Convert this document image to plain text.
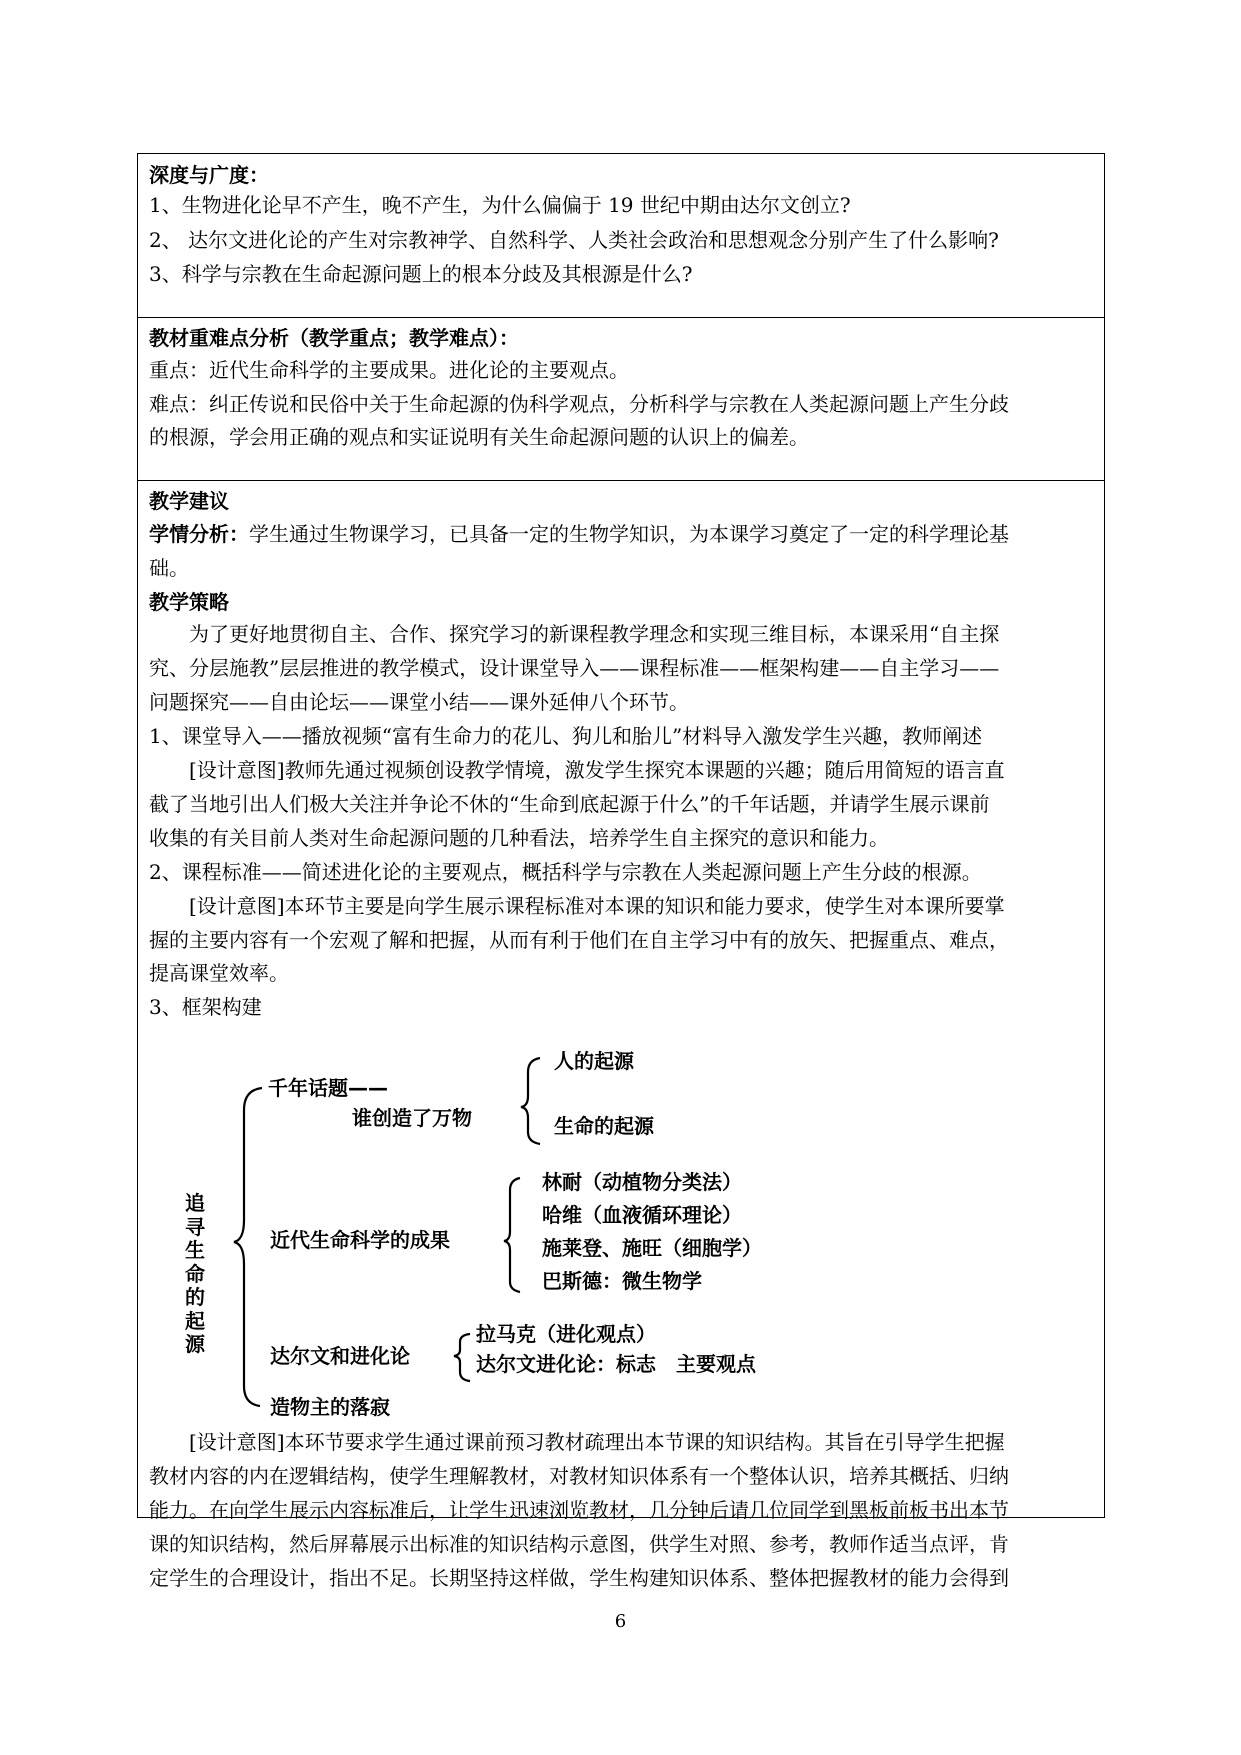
深度与广度：
1、生物进化论早不产生，晚不产生，为什么偏偏于 19 世纪中期由达尔文创立?
2、 达尔文进化论的产生对宗教神学、自然科学、人类社会政治和思想观念分别产生了什么影响?
3、科学与宗教在生命起源问题上的根本分歧及其根源是什么?
教材重难点分析（教学重点；教学难点）：
重点：近代生命科学的主要成果。进化论的主要观点。
难点：纠正传说和民俗中关于生命起源的伪科学观点，分析科学与宗教在人类起源问题上产生分歧
的根源，学会用正确的观点和实证说明有关生命起源问题的认识上的偏差。
教学建议
学情分析：学生通过生物课学习，已具备一定的生物学知识，为本课学习奠定了一定的科学理论基
础。
教学策略
　　为了更好地贯彻自主、合作、探究学习的新课程教学理念和实现三维目标，本课采用“自主探
究、分层施教”层层推进的教学模式，设计课堂导入——课程标准——框架构建——自主学习——
问题探究——自由论坛——课堂小结——课外延伸八个环节。
1、课堂导入——播放视频“富有生命力的花儿、狗儿和胎儿”材料导入激发学生兴趣，教师阐述
　　[设计意图]教师先通过视频创设教学情境，激发学生探究本课题的兴趣；随后用简短的语言直
截了当地引出人们极大关注并争论不休的“生命到底起源于什么”的千年话题，并请学生展示课前
收集的有关目前人类对生命起源问题的几种看法，培养学生自主探究的意识和能力。
2、课程标准——简述进化论的主要观点，概括科学与宗教在人类起源问题上产生分歧的根源。
　　[设计意图]本环节主要是向学生展示课程标准对本课的知识和能力要求，使学生对本课所要掌
握的主要内容有一个宏观了解和把握，从而有利于他们在自主学习中有的放矢、把握重点、难点，
提高课堂效率。
3、框架构建
追
寻
生
命
的
起
源
千年话题——
谁创造了万物
人的起源
生命的起源
近代生命科学的成果
林耐（动植物分类法）
哈维（血液循环理论）
施莱登、施旺（细胞学）
巴斯德：微生物学
达尔文和进化论
拉马克（进化观点）
达尔文进化论：标志　主要观点
造物主的落寂
　　[设计意图]本环节要求学生通过课前预习教材疏理出本节课的知识结构。其旨在引导学生把握
教材内容的内在逻辑结构，使学生理解教材，对教材知识体系有一个整体认识，培养其概括、归纳
能力。在向学生展示内容标准后，让学生迅速浏览教材，几分钟后请几位同学到黑板前板书出本节
课的知识结构，然后屏幕展示出标准的知识结构示意图，供学生对照、参考，教师作适当点评，肯
定学生的合理设计，指出不足。长期坚持这样做，学生构建知识体系、整体把握教材的能力会得到
6
